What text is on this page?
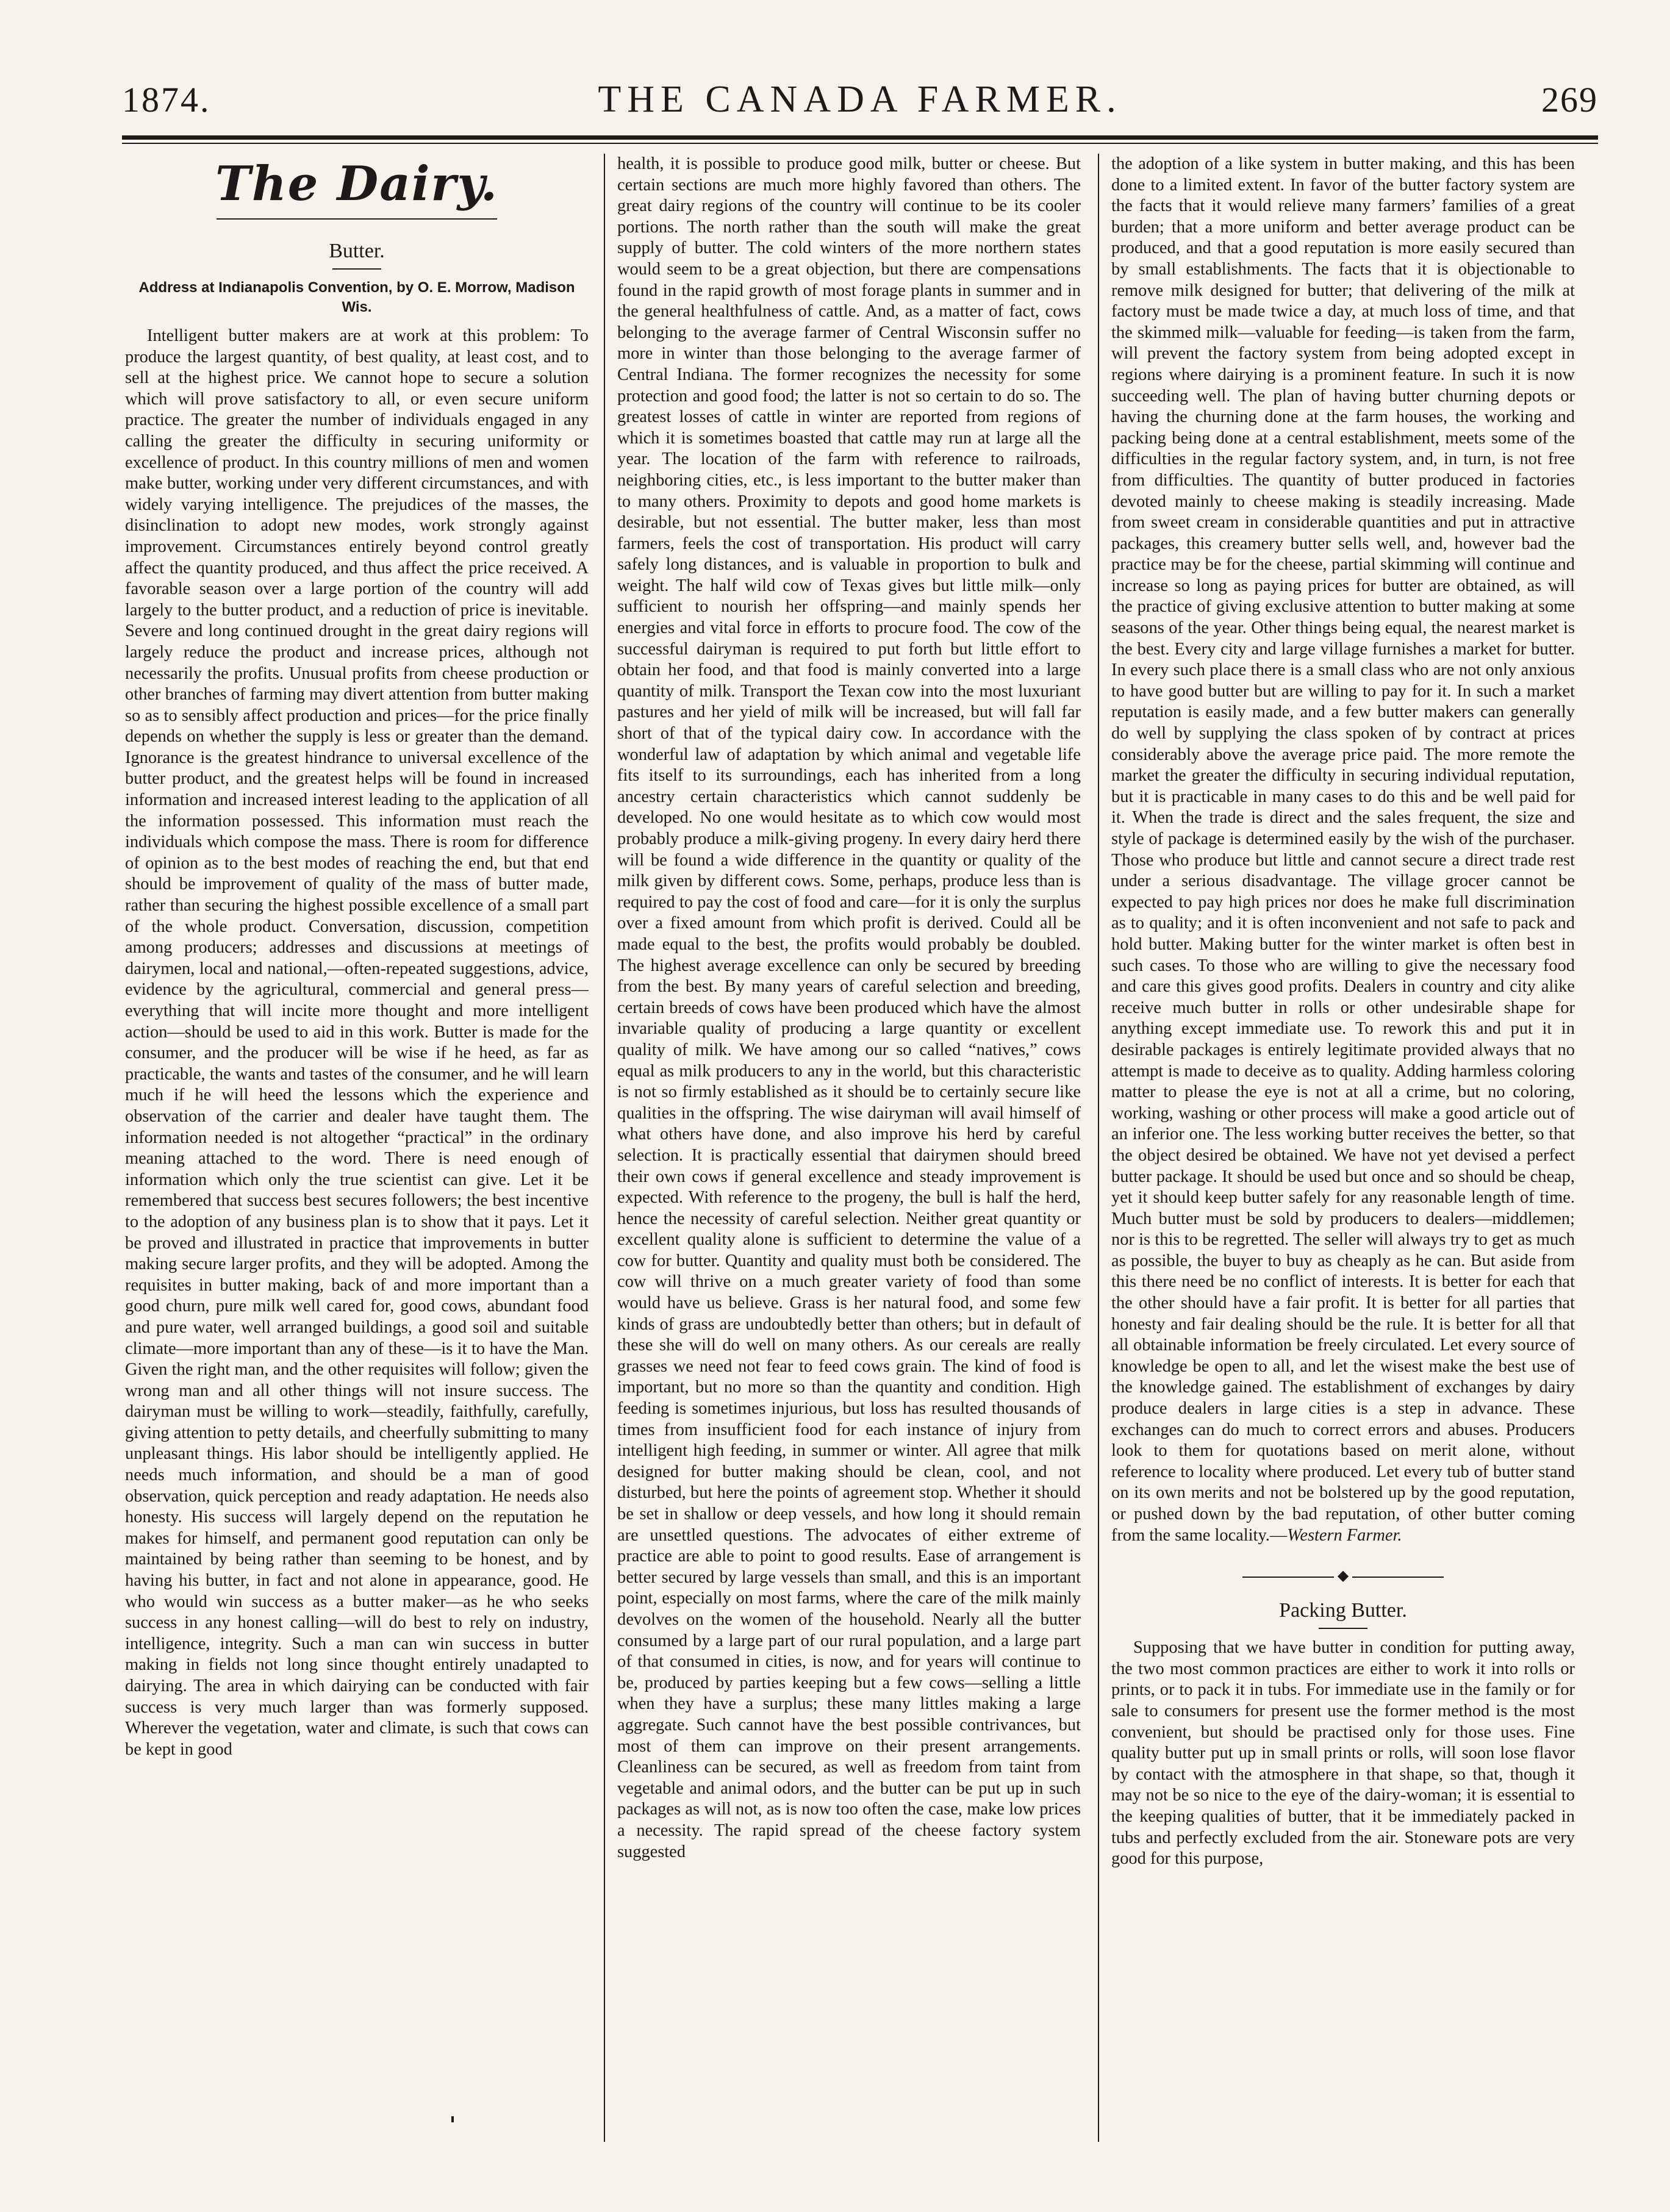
1874.	THE CANADA FARMER.	269
The Dairy.
Butter.
Address at Indianapolis Convention, by O. E. Morrow, Madison Wis.

Intelligent butter makers are at work at this problem: To produce the largest quantity, of best quality, at least cost, and to sell at the highest price. We cannot hope to secure a solution which will prove satisfactory to all, or even secure uniform practice. The greater the number of individuals engaged in any calling the greater the difficulty in securing uniformity or excellence of product. In this country millions of men and women make butter, working under very different circumstances, and with widely varying intelligence. The prejudices of the masses, the disinclination to adopt new modes, work strongly against improvement. Circumstances entirely beyond control greatly affect the quantity produced, and thus affect the price received. A favorable season over a large portion of the country will add largely to the butter product, and a reduction of price is inevitable. Severe and long continued drought in the great dairy regions will largely reduce the product and increase prices, although not necessarily the profits. Unusual profits from cheese production or other branches of farming may divert attention from butter making so as to sensibly affect production and prices—for the price finally depends on whether the supply is less or greater than the demand. Ignorance is the greatest hindrance to universal excellence of the butter product, and the greatest helps will be found in increased information and increased interest leading to the application of all the information possessed. This information must reach the individuals which compose the mass. There is room for difference of opinion as to the best modes of reaching the end, but that end should be improvement of quality of the mass of butter made, rather than securing the highest possible excellence of a small part of the whole product. Conversation, discussion, competition among producers; addresses and discussions at meetings of dairymen, local and national,—often-repeated suggestions, advice, evidence by the agricultural, commercial and general press—everything that will incite more thought and more intelligent action—should be used to aid in this work. Butter is made for the consumer, and the producer will be wise if he heed, as far as practicable, the wants and tastes of the consumer, and he will learn much if he will heed the lessons which the experience and observation of the carrier and dealer have taught them. The information needed is not altogether “practical” in the ordinary meaning attached to the word. There is need enough of information which only the true scientist can give. Let it be remembered that success best secures followers; the best incentive to the adoption of any business plan is to show that it pays. Let it be proved and illustrated in practice that improvements in butter making secure larger profits, and they will be adopted. Among the requisites in butter making, back of and more important than a good churn, pure milk well cared for, good cows, abundant food and pure water, well arranged buildings, a good soil and suitable climate—more important than any of these—is it to have the Man. Given the right man, and the other requisites will follow; given the wrong man and all other things will not insure success. The dairyman must be willing to work—steadily, faithfully, carefully, giving attention to petty details, and cheerfully submitting to many unpleasant things. His labor should be intelligently applied. He needs much information, and should be a man of good observation, quick perception and ready adaptation. He needs also honesty. His success will largely depend on the reputation he makes for himself, and permanent good reputation can only be maintained by being rather than seeming to be honest, and by having his butter, in fact and not alone in appearance, good. He who would win success as a butter maker—as he who seeks success in any honest calling—will do best to rely on industry, intelligence, integrity. Such a man can win success in butter making in fields not long since thought entirely unadapted to dairying. The area in which dairying can be conducted with fair success is very much larger than was formerly supposed. Wherever the vegetation, water and climate, is such that cows can be kept in good

health, it is possible to produce good milk, butter or cheese. But certain sections are much more highly favored than others. The great dairy regions of the country will continue to be its cooler portions. The north rather than the south will make the great supply of butter. The cold winters of the more northern states would seem to be a great objection, but there are compensations found in the rapid growth of most forage plants in summer and in the general healthfulness of cattle. And, as a matter of fact, cows belonging to the average farmer of Central Wisconsin suffer no more in winter than those belonging to the average farmer of Central Indiana. The former recognizes the necessity for some protection and good food; the latter is not so certain to do so. The greatest losses of cattle in winter are reported from regions of which it is sometimes boasted that cattle may run at large all the year. The location of the farm with reference to railroads, neighboring cities, etc., is less important to the butter maker than to many others. Proximity to depots and good home markets is desirable, but not essential. The butter maker, less than most farmers, feels the cost of transportation. His product will carry safely long distances, and is valuable in proportion to bulk and weight. The half wild cow of Texas gives but little milk—only sufficient to nourish her offspring—and mainly spends her energies and vital force in efforts to procure food. The cow of the successful dairyman is required to put forth but little effort to obtain her food, and that food is mainly converted into a large quantity of milk. Transport the Texan cow into the most luxuriant pastures and her yield of milk will be increased, but will fall far short of that of the typical dairy cow. In accordance with the wonderful law of adaptation by which animal and vegetable life fits itself to its surroundings, each has inherited from a long ancestry certain characteristics which cannot suddenly be developed. No one would hesitate as to which cow would most probably produce a milk-giving progeny. In every dairy herd there will be found a wide difference in the quantity or quality of the milk given by different cows. Some, perhaps, produce less than is required to pay the cost of food and care—for it is only the surplus over a fixed amount from which profit is derived. Could all be made equal to the best, the profits would probably be doubled. The highest average excellence can only be secured by breeding from the best. By many years of careful selection and breeding, certain breeds of cows have been produced which have the almost invariable quality of producing a large quantity or excellent quality of milk. We have among our so called “natives,” cows equal as milk producers to any in the world, but this characteristic is not so firmly established as it should be to certainly secure like qualities in the offspring. The wise dairyman will avail himself of what others have done, and also improve his herd by careful selection. It is practically essential that dairymen should breed their own cows if general excellence and steady improvement is expected. With reference to the progeny, the bull is half the herd, hence the necessity of careful selection. Neither great quantity or excellent quality alone is sufficient to determine the value of a cow for butter. Quantity and quality must both be considered. The cow will thrive on a much greater variety of food than some would have us believe. Grass is her natural food, and some few kinds of grass are undoubtedly better than others; but in default of these she will do well on many others. As our cereals are really grasses we need not fear to feed cows grain. The kind of food is important, but no more so than the quantity and condition. High feeding is sometimes injurious, but loss has resulted thousands of times from insufficient food for each instance of injury from intelligent high feeding, in summer or winter. All agree that milk designed for butter making should be clean, cool, and not disturbed, but here the points of agreement stop. Whether it should be set in shallow or deep vessels, and how long it should remain are unsettled questions. The advocates of either extreme of practice are able to point to good results. Ease of arrangement is better secured by large vessels than small, and this is an important point, especially on most farms, where the care of the milk mainly devolves on the women of the household. Nearly all the butter consumed by a large part of our rural population, and a large part of that consumed in cities, is now, and for years will continue to be, produced by parties keeping but a few cows—selling a little when they have a surplus; these many littles making a large aggregate. Such cannot have the best possible contrivances, but most of them can improve on their present arrangements. Cleanliness can be secured, as well as freedom from taint from vegetable and animal odors, and the butter can be put up in such packages as will not, as is now too often the case, make low prices a necessity. The rapid spread of the cheese factory system suggested

the adoption of a like system in butter making, and this has been done to a limited extent. In favor of the butter factory system are the facts that it would relieve many farmers’ families of a great burden; that a more uniform and better average product can be produced, and that a good reputation is more easily secured than by small establishments. The facts that it is objectionable to remove milk designed for butter; that delivering of the milk at factory must be made twice a day, at much loss of time, and that the skimmed milk—valuable for feeding—is taken from the farm, will prevent the factory system from being adopted except in regions where dairying is a prominent feature. In such it is now succeeding well. The plan of having butter churning depots or having the churning done at the farm houses, the working and packing being done at a central establishment, meets some of the difficulties in the regular factory system, and, in turn, is not free from difficulties. The quantity of butter produced in factories devoted mainly to cheese making is steadily increasing. Made from sweet cream in considerable quantities and put in attractive packages, this creamery butter sells well, and, however bad the practice may be for the cheese, partial skimming will continue and increase so long as paying prices for butter are obtained, as will the practice of giving exclusive attention to butter making at some seasons of the year. Other things being equal, the nearest market is the best. Every city and large village furnishes a market for butter. In every such place there is a small class who are not only anxious to have good butter but are willing to pay for it. In such a market reputation is easily made, and a few butter makers can generally do well by supplying the class spoken of by contract at prices considerably above the average price paid. The more remote the market the greater the difficulty in securing individual reputation, but it is practicable in many cases to do this and be well paid for it. When the trade is direct and the sales frequent, the size and style of package is determined easily by the wish of the purchaser. Those who produce but little and cannot secure a direct trade rest under a serious disadvantage. The village grocer cannot be expected to pay high prices nor does he make full discrimination as to quality; and it is often inconvenient and not safe to pack and hold butter. Making butter for the winter market is often best in such cases. To those who are willing to give the necessary food and care this gives good profits. Dealers in country and city alike receive much butter in rolls or other undesirable shape for anything except immediate use. To rework this and put it in desirable packages is entirely legitimate provided always that no attempt is made to deceive as to quality. Adding harmless coloring matter to please the eye is not at all a crime, but no coloring, working, washing or other process will make a good article out of an inferior one. The less working butter receives the better, so that the object desired be obtained. We have not yet devised a perfect butter package. It should be used but once and so should be cheap, yet it should keep butter safely for any reasonable length of time. Much butter must be sold by producers to dealers—middlemen; nor is this to be regretted. The seller will always try to get as much as possible, the buyer to buy as cheaply as he can. But aside from this there need be no conflict of interests. It is better for each that the other should have a fair profit. It is better for all parties that honesty and fair dealing should be the rule. It is better for all that all obtainable information be freely circulated. Let every source of knowledge be open to all, and let the wisest make the best use of the knowledge gained. The establishment of exchanges by dairy produce dealers in large cities is a step in advance. These exchanges can do much to correct errors and abuses. Producers look to them for quotations based on merit alone, without reference to locality where produced. Let every tub of butter stand on its own merits and not be bolstered up by the good reputation, or pushed down by the bad reputation, of other butter coming from the same locality.—Western Farmer.

◆
Packing Butter.

Supposing that we have butter in condition for putting away, the two most common practices are either to work it into rolls or prints, or to pack it in tubs. For immediate use in the family or for sale to consumers for present use the former method is the most convenient, but should be practised only for those uses. Fine quality butter put up in small prints or rolls, will soon lose flavor by contact with the atmosphere in that shape, so that, though it may not be so nice to the eye of the dairy-woman; it is essential to the keeping qualities of butter, that it be immediately packed in tubs and perfectly excluded from the air. Stoneware pots are very good for this purpose,
